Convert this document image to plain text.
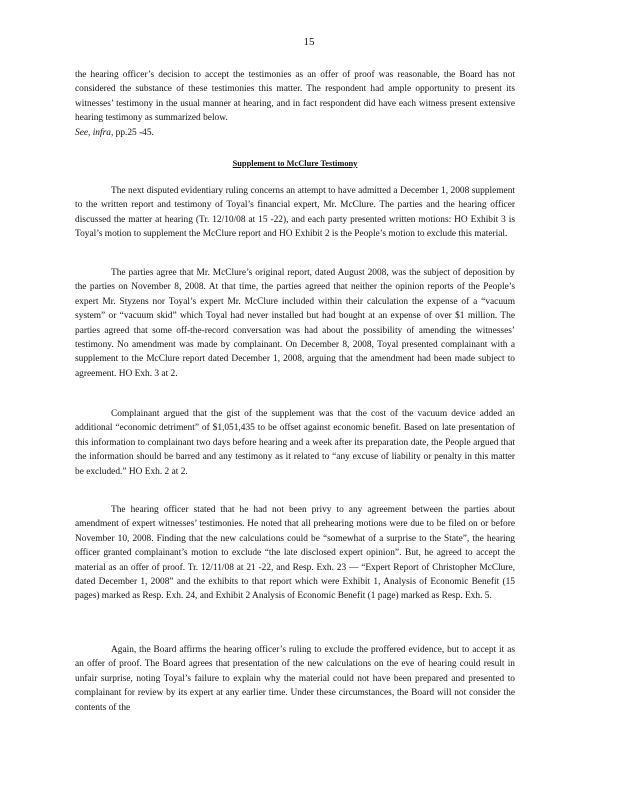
15

the hearing officer’s decision to accept the testimonies as an offer of proof was reasonable, the Board has not considered the substance of these testimonies this matter. The respondent had ample opportunity to present its witnesses’ testimony in the usual manner at hearing, and in fact respondent did have each witness present extensive hearing testimony as summarized below.
See, infra, pp.25 -45.

Supplement to McClure Testimony

The next disputed evidentiary ruling concerns an attempt to have admitted a December 1, 2008 supplement to the written report and testimony of Toyal’s financial expert, Mr. McClure. The parties and the hearing officer discussed the matter at hearing (Tr. 12/10/08 at 15 -22), and each party presented written motions: HO Exhibit 3 is Toyal’s motion to supplement the McClure report and HO Exhibit 2 is the People’s motion to exclude this material.

The parties agree that Mr. McClure’s original report, dated August 2008, was the subject of deposition by the parties on November 8, 2008. At that time, the parties agreed that neither the opinion reports of the People’s expert Mr. Styzens nor Toyal’s expert Mr. McClure included within their calculation the expense of a “vacuum system” or “vacuum skid” which Toyal had never installed but had bought at an expense of over $1 million. The parties agreed that some off-the-record conversation was had about the possibility of amending the witnesses’ testimony. No amendment was made by complainant. On December 8, 2008, Toyal presented complainant with a supplement to the McClure report dated December 1, 2008, arguing that the amendment had been made subject to agreement. HO Exh. 3 at 2.

Complainant argued that the gist of the supplement was that the cost of the vacuum device added an additional “economic detriment” of $1,051,435 to be offset against economic benefit. Based on late presentation of this information to complainant two days before hearing and a week after its preparation date, the People argued that the information should be barred and any testimony as it related to “any excuse of liability or penalty in this matter be excluded.” HO Exh. 2 at 2.

The hearing officer stated that he had not been privy to any agreement between the parties about amendment of expert witnesses’ testimonies. He noted that all prehearing motions were due to be filed on or before November 10, 2008. Finding that the new calculations could be “somewhat of a surprise to the State”, the hearing officer granted complainant’s motion to exclude “the late disclosed expert opinion”. But, he agreed to accept the material as an offer of proof. Tr. 12/11/08 at 21 -22, and Resp. Exh. 23 — “Expert Report of Christopher McClure, dated December 1, 2008” and the exhibits to that report which were Exhibit 1, Analysis of Economic Benefit (15 pages) marked as Resp. Exh. 24, and Exhibit 2 Analysis of Economic Benefit (1 page) marked as Resp. Exh. 5.

Again, the Board affirms the hearing officer’s ruling to exclude the proffered evidence, but to accept it as an offer of proof. The Board agrees that presentation of the new calculations on the eve of hearing could result in unfair surprise, noting Toyal’s failure to explain why the material could not have been prepared and presented to complainant for review by its expert at any earlier time. Under these circumstances, the Board will not consider the contents of the
